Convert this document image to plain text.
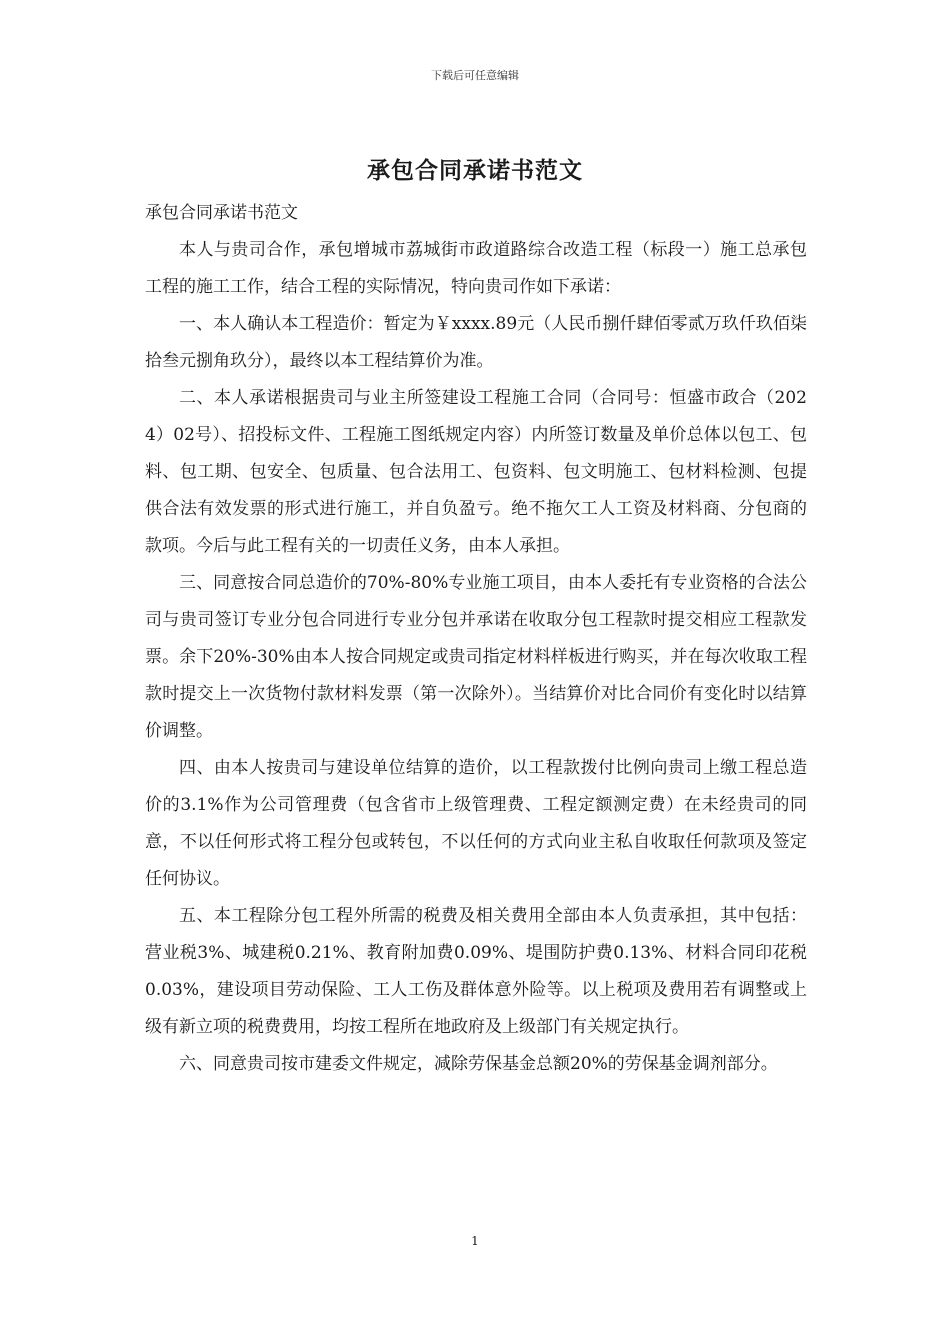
下载后可任意编辑
承包合同承诺书范文

承包合同承诺书范文

本人与贵司合作，承包增城市荔城街市政道路综合改造工程（标段一）施工总承包工程的施工工作，结合工程的实际情况，特向贵司作如下承诺：

一、本人确认本工程造价：暂定为￥xxxx.89元（人民币捌仟肆佰零贰万玖仟玖佰柒拾叁元捌角玖分），最终以本工程结算价为准。

二、本人承诺根据贵司与业主所签建设工程施工合同（合同号：恒盛市政合（2024）02号）、招投标文件、工程施工图纸规定内容）内所签订数量及单价总体以包工、包料、包工期、包安全、包质量、包合法用工、包资料、包文明施工、包材料检测、包提供合法有效发票的形式进行施工，并自负盈亏。绝不拖欠工人工资及材料商、分包商的款项。今后与此工程有关的一切责任义务，由本人承担。

三、同意按合同总造价的70%-80%专业施工项目，由本人委托有专业资格的合法公司与贵司签订专业分包合同进行专业分包并承诺在收取分包工程款时提交相应工程款发票。余下20%-30%由本人按合同规定或贵司指定材料样板进行购买，并在每次收取工程款时提交上一次货物付款材料发票（第一次除外）。当结算价对比合同价有变化时以结算价调整。

四、由本人按贵司与建设单位结算的造价，以工程款拨付比例向贵司上缴工程总造价的3.1%作为公司管理费（包含省市上级管理费、工程定额测定费）在未经贵司的同意，不以任何形式将工程分包或转包，不以任何的方式向业主私自收取任何款项及签定任何协议。

五、本工程除分包工程外所需的税费及相关费用全部由本人负责承担，其中包括：营业税3%、城建税0.21%、教育附加费0.09%、堤围防护费0.13%、材料合同印花税0.03%，建设项目劳动保险、工人工伤及群体意外险等。以上税项及费用若有调整或上级有新立项的税费费用，均按工程所在地政府及上级部门有关规定执行。

六、同意贵司按市建委文件规定，减除劳保基金总额20%的劳保基金调剂部分。

1
